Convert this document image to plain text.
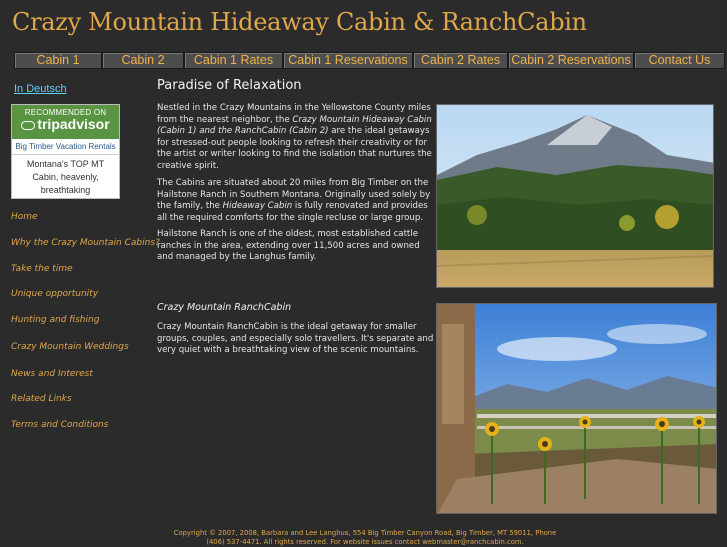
Crazy Mountain Hideaway Cabin & RanchCabin
Cabin 1	Cabin 2	Cabin 1 Rates	Cabin 1 Reservations	Cabin 2 Rates Cabin 2 Reservations	Contact Us
In Deutsch
RECOMMENDED ON
tripadvisor
Big Timber Vacation Rentals
Montana's TOP MT Cabin, heavenly, breathtaking
Home
Why the Crazy Mountain Cabins?
Take the time
Unique opportunity
Hunting and fishing
Crazy Mountain Weddings
News and Interest
Related Links
Terms and Conditions
Paradise of Relaxation
Nestled in the Crazy Mountains in the Yellowstone County miles from the nearest neighbor, the Crazy Mountain Hideaway Cabin (Cabin 1) and the RanchCabin (Cabin 2) are the ideal getaways for stressed-out people looking to refresh their creativity or for the artist or writer looking to find the isolation that nurtures the creative spirit.
The Cabins are situated about 20 miles from Big Timber on the Hailstone Ranch in Southern Montana. Originally used solely by the family, the Hideaway Cabin is fully renovated and provides all the required comforts for the single recluse or large group.
Hailstone Ranch is one of the oldest, most established cattle ranches in the area, extending over 11,500 acres and owned and managed by the Langhus family.
Crazy Mountain RanchCabin
Crazy Mountain RanchCabin is the ideal getaway for smaller groups, couples, and especially solo travellers. It's separate and very quiet with a breathtaking view of the scenic mountains.
Copyright © 2007, 2008, Barbara and Lee Langhus, 554 Big Timber Canyon Road, Big Timber, MT 59011, Phone
(406) 537-4471. All rights reserved. For website issues contact webmaster@ranchcabin.com.
